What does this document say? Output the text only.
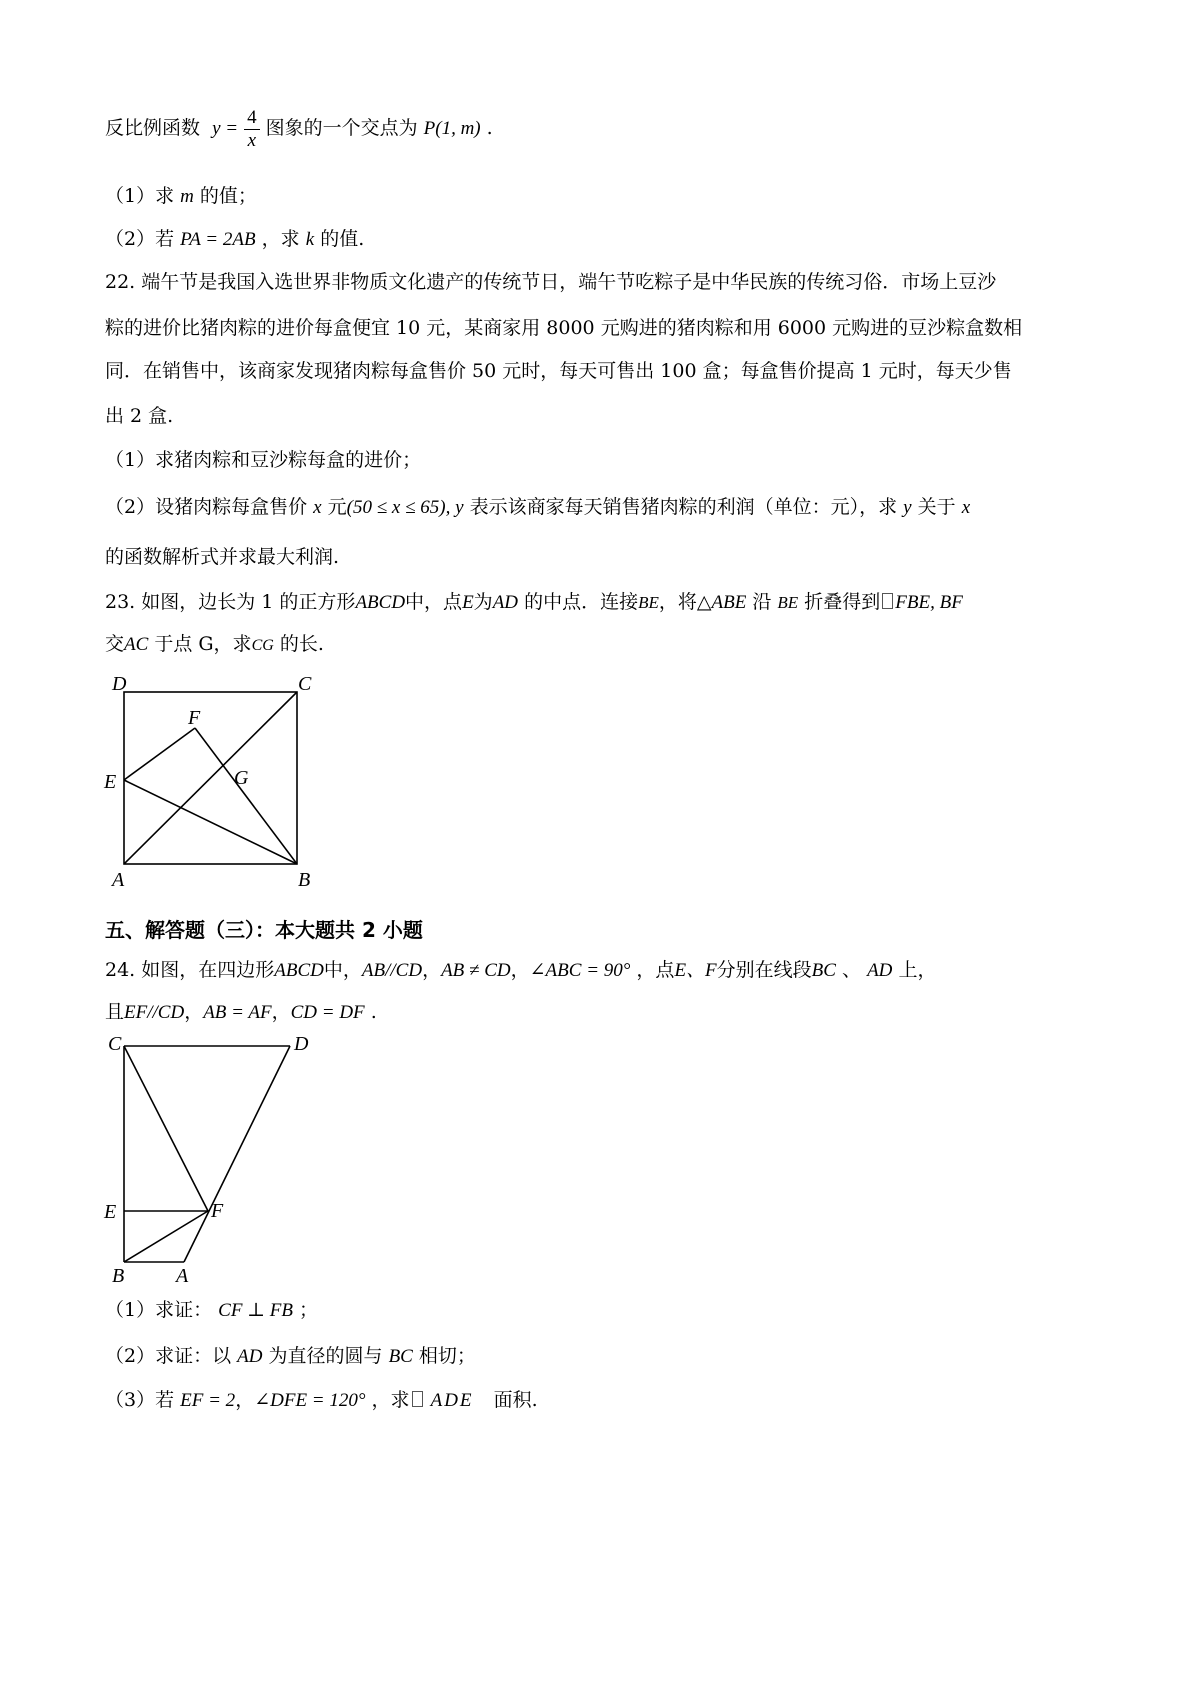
反比例函数 $y = \frac{4}{x}$ 图象的一个交点为 P(1, m) .
（1）求 m 的值；
（2）若 PA = 2AB ，求 k 的值.
22. 端午节是我国入选世界非物质文化遗产的传统节日，端午节吃粽子是中华民族的传统习俗．市场上豆沙
粽的进价比猪肉粽的进价每盒便宜 10 元，某商家用 8000 元购进的猪肉粽和用 6000 元购进的豆沙粽盒数相
同．在销售中，该商家发现猪肉粽每盒售价 50 元时，每天可售出 100 盒；每盒售价提高 1 元时，每天少售
出 2 盒.
（1）求猪肉粽和豆沙粽每盒的进价；
（2）设猪肉粽每盒售价 x 元(50 ≤ x ≤ 65), y 表示该商家每天销售猪肉粽的利润（单位：元），求 y 关于 x
的函数解析式并求最大利润.
23. 如图，边长为 1 的正方形ABCD中，点E为AD 的中点．连接BE，将△ABE 沿 BE 折叠得到 FBE, BF
交AC 于点 G，求CG 的长.
D	C
F
G
E
A	B
五、解答题（三）：本大题共 2 小题
24. 如图，在四边形ABCD中，AB//CD，AB ≠ CD，∠ABC = 90° ，点E、F分别在线段BC 、 AD 上，
且EF//CD，AB = AF，CD = DF .
C	D
E	F
B	A
（1）求证： CF ⊥ FB ；
（2）求证：以 AD 为直径的圆与 BC 相切；
（3）若 EF = 2，∠DFE = 120° ，求 ADE 面积.
